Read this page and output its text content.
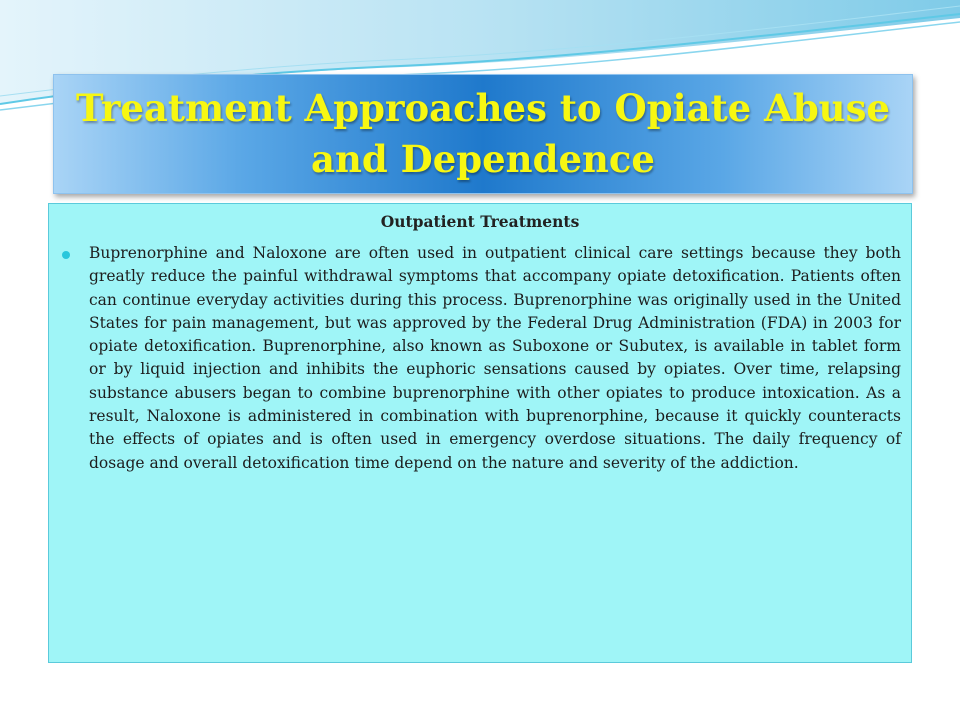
Treatment Approaches to Opiate Abuse and Dependence
Outpatient Treatments

Buprenorphine and Naloxone are often used in outpatient clinical care settings because they both greatly reduce the painful withdrawal symptoms that accompany opiate detoxification. Patients often can continue everyday activities during this process. Buprenorphine was originally used in the United States for pain management, but was approved by the Federal Drug Administration (FDA) in 2003 for opiate detoxification. Buprenorphine, also known as Suboxone or Subutex, is available in tablet form or by liquid injection and inhibits the euphoric sensations caused by opiates. Over time, relapsing substance abusers began to combine buprenorphine with other opiates to produce intoxication. As a result, Naloxone is administered in combination with buprenorphine, because it quickly counteracts the effects of opiates and is often used in emergency overdose situations. The daily frequency of dosage and overall detoxification time depend on the nature and severity of the addiction.
